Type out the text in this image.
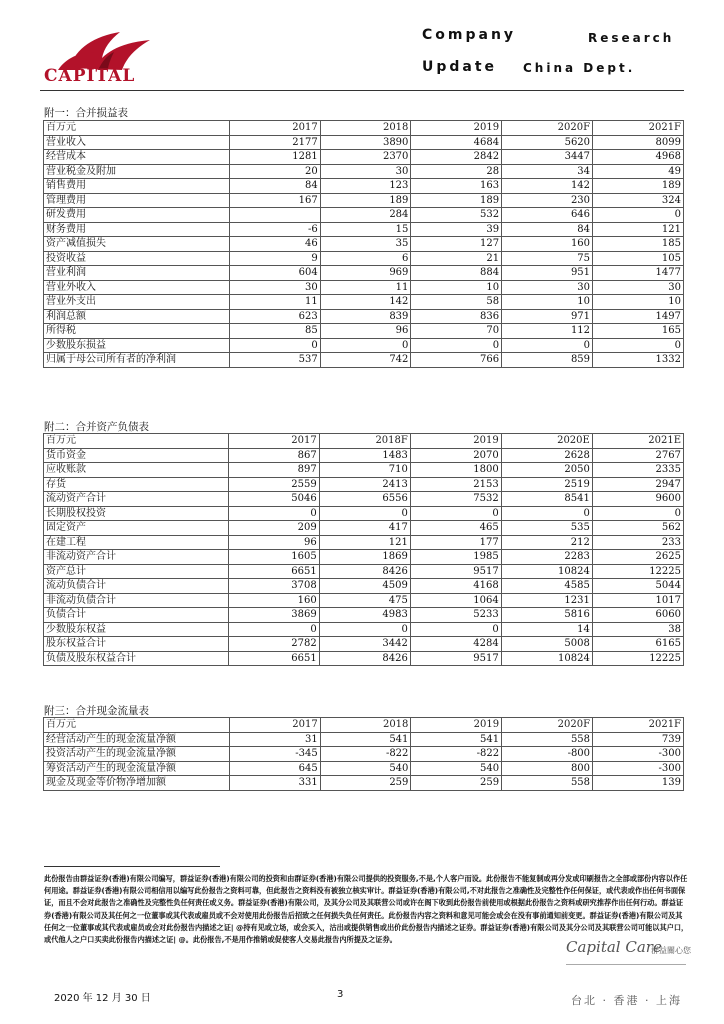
CAPITAL
Company	Research
Update China Dept.
附一：合并损益表
百万元	2017	2018	2019	2020F	2021F
营业收入	2177	3890	4684	5620	8099
经营成本	1281	2370	2842	3447	4968
营业税金及附加	20	30	28	34	49
销售费用	84	123	163	142	189
管理费用	167	189	189	230	324
研发费用		284	532	646	0
财务费用	-6	15	39	84	121
资产减值损失	46	35	127	160	185
投资收益	9	6	21	75	105
营业利润	604	969	884	951	1477
营业外收入	30	11	10	30	30
营业外支出	11	142	58	10	10
利润总额	623	839	836	971	1497
所得税	85	96	70	112	165
少数股东损益	0	0	0	0	0
归属于母公司所有者的净利润	537	742	766	859	1332
附二：合并资产负债表
百万元	2017	2018F	2019	2020E	2021E
货币资金	867	1483	2070	2628	2767
应收账款	897	710	1800	2050	2335
存货	2559	2413	2153	2519	2947
流动资产合计	5046	6556	7532	8541	9600
长期股权投资	0	0	0	0	0
固定资产	209	417	465	535	562
在建工程	96	121	177	212	233
非流动资产合计	1605	1869	1985	2283	2625
资产总计	6651	8426	9517	10824	12225
流动负债合计	3708	4509	4168	4585	5044
非流动负债合计	160	475	1064	1231	1017
负债合计	3869	4983	5233	5816	6060
少数股东权益	0	0	0	14	38
股东权益合计	2782	3442	4284	5008	6165
负债及股东权益合计	6651	8426	9517	10824	12225
附三：合并现金流量表
百万元	2017	2018	2019	2020F	2021F
经营活动产生的现金流量净额	31	541	541	558	739
投资活动产生的现金流量净额	-345	-822	-822	-800	-300
筹资活动产生的现金流量净额	645	540	540	800	-300
现金及现金等价物净增加额	331	259	259	558	139
此份报告由群益证券(香港)有限公司编写，群益证券(香港)有限公司的投资和由群证券(香港)有限公司提供的投资服务,不是,个人客户而设。此份报告不能复制或再分发或印刷报告之全部或部份内容以作任何用途。群益证券(香港)有限公司相信用以编写此份报告之资料可靠，但此报告之资料没有被独立核实审计。群益证券(香港)有限公司,不对此报告之准确性及完整性作任何保证，或代表或作出任何书面保证，而且不会对此报告之准确性及完整性负任何责任或义务。群益证券(香港)有限公司，及其分公司及其联营公司或许在阁下收到此份报告前使用或根据此份报告之资料或研究推荐作出任何行动。群益证券(香港)有限公司及其任何之一位董事或其代表或雇员或不会对使用此份报告后招致之任何损失负任何责任。此份报告内容之资料和意见可能会或会在没有事前通知前变更。群益证券(香港)有限公司及其任何之一位董事或其代表或雇员或会对此份报告内描述之证| @持有见或立场，或会买入，沽出或提供销售或出价此份报告内描述之证券。群益证券(香港)有限公司及其分公司及其联营公司可能以其户口，或代他人之户口买卖此份报告内描述之证| @。此份报告,不是用作推销或促使客人交易此报告内所提及之证券。	Capital Care
群益關心您
台北 · 香港 · 上海
2020 年 12 月 30 日	3
